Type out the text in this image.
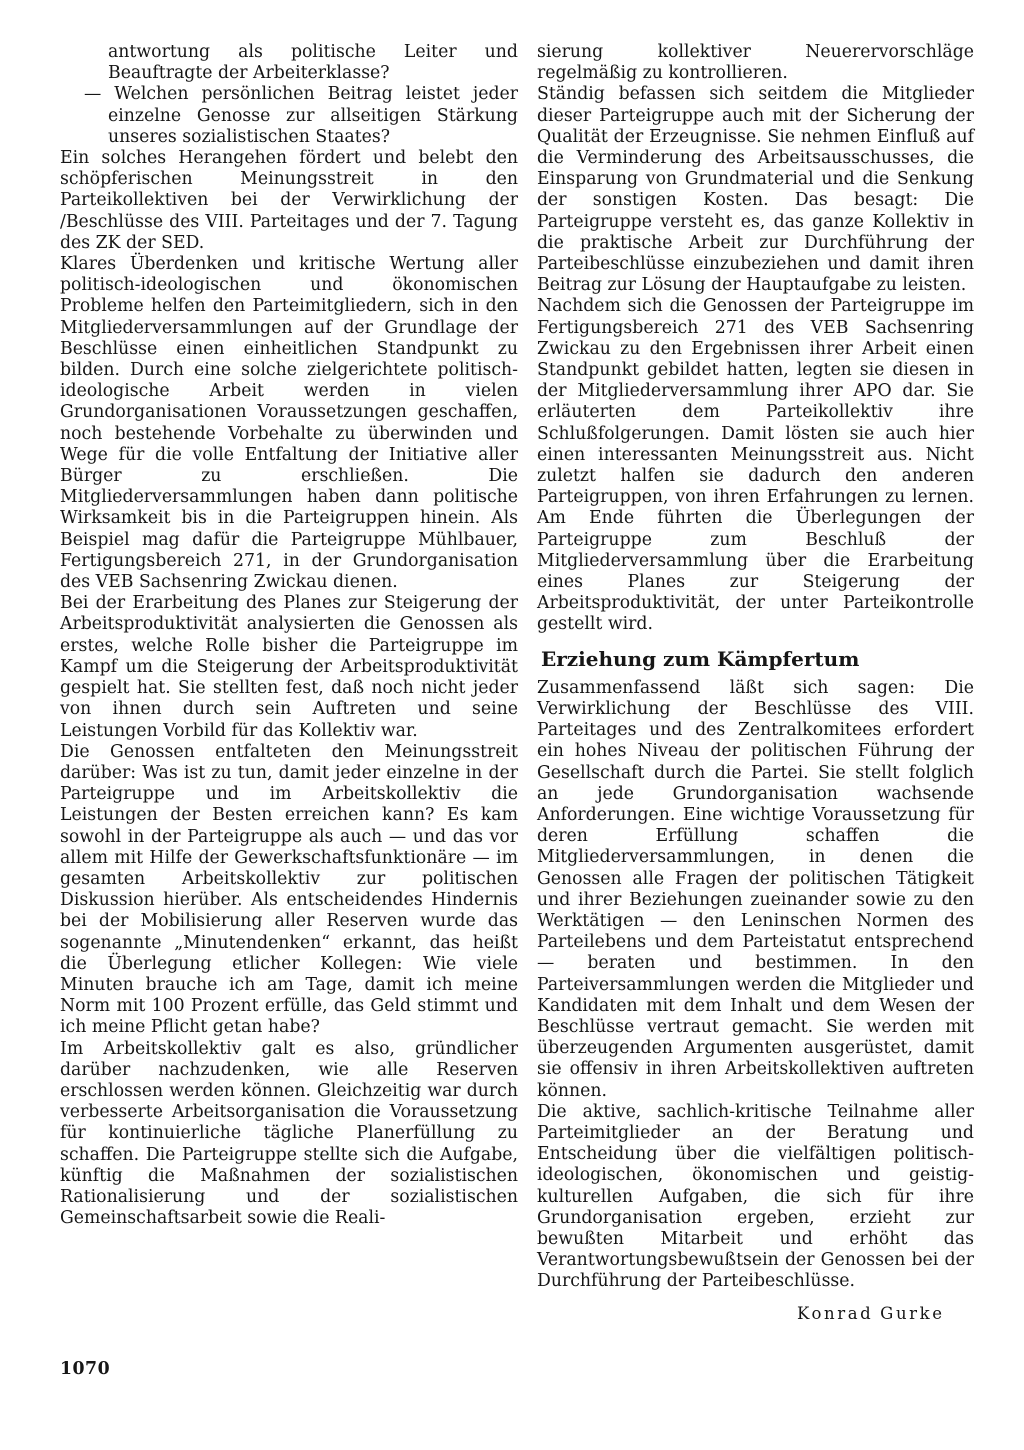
antwortung als politische Leiter und Beauftragte der Arbeiterklasse?

— Welchen persönlichen Beitrag leistet jeder einzelne Genosse zur allseitigen Stärkung unseres sozialistischen Staates?

Ein solches Herangehen fördert und belebt den schöpferischen Meinungsstreit in den Parteikollektiven bei der Verwirklichung der /Beschlüsse des VIII. Parteitages und der 7. Tagung des ZK der SED.

Klares Überdenken und kritische Wertung aller politisch-ideologischen und ökonomischen Probleme helfen den Parteimitgliedern, sich in den Mitgliederversammlungen auf der Grundlage der Beschlüsse einen einheitlichen Standpunkt zu bilden. Durch eine solche zielgerichtete politisch-ideologische Arbeit werden in vielen Grundorganisationen Voraussetzungen geschaffen, noch bestehende Vorbehalte zu überwinden und Wege für die volle Entfaltung der Initiative aller Bürger zu erschließen. Die Mitgliederversammlungen haben dann politische Wirksamkeit bis in die Parteigruppen hinein. Als Beispiel mag dafür die Parteigruppe Mühlbauer, Fertigungsbereich 271, in der Grundorganisation des VEB Sachsenring Zwickau dienen.

Bei der Erarbeitung des Planes zur Steigerung der Arbeitsproduktivität analysierten die Genossen als erstes, welche Rolle bisher die Parteigruppe im Kampf um die Steigerung der Arbeitsproduktivität gespielt hat. Sie stellten fest, daß noch nicht jeder von ihnen durch sein Auftreten und seine Leistungen Vorbild für das Kollektiv war.

Die Genossen entfalteten den Meinungsstreit darüber: Was ist zu tun, damit jeder einzelne in der Parteigruppe und im Arbeitskollektiv die Leistungen der Besten erreichen kann? Es kam sowohl in der Parteigruppe als auch — und das vor allem mit Hilfe der Gewerkschaftsfunktionäre — im gesamten Arbeitskollektiv zur politischen Diskussion hierüber. Als entscheidendes Hindernis bei der Mobilisierung aller Reserven wurde das sogenannte „Minutendenken“ erkannt, das heißt die Überlegung etlicher Kollegen: Wie viele Minuten brauche ich am Tage, damit ich meine Norm mit 100 Prozent erfülle, das Geld stimmt und ich meine Pflicht getan habe?

Im Arbeitskollektiv galt es also, gründlicher darüber nachzudenken, wie alle Reserven erschlossen werden können. Gleichzeitig war durch verbesserte Arbeitsorganisation die Voraussetzung für kontinuierliche tägliche Planerfüllung zu schaffen. Die Parteigruppe stellte sich die Aufgabe, künftig die Maßnahmen der sozialistischen Rationalisierung und der sozialistischen Gemeinschaftsarbeit sowie die Reali-

sierung kollektiver Neuerervorschläge regelmäßig zu kontrollieren.

Ständig befassen sich seitdem die Mitglieder dieser Parteigruppe auch mit der Sicherung der Qualität der Erzeugnisse. Sie nehmen Einfluß auf die Verminderung des Arbeitsausschusses, die Einsparung von Grundmaterial und die Senkung der sonstigen Kosten. Das besagt: Die Parteigruppe versteht es, das ganze Kollektiv in die praktische Arbeit zur Durchführung der Parteibeschlüsse einzubeziehen und damit ihren Beitrag zur Lösung der Hauptaufgabe zu leisten.

Nachdem sich die Genossen der Parteigruppe im Fertigungsbereich 271 des VEB Sachsenring Zwickau zu den Ergebnissen ihrer Arbeit einen Standpunkt gebildet hatten, legten sie diesen in der Mitgliederversammlung ihrer APO dar. Sie erläuterten dem Parteikollektiv ihre Schlußfolgerungen. Damit lösten sie auch hier einen interessanten Meinungsstreit aus. Nicht zuletzt halfen sie dadurch den anderen Parteigruppen, von ihren Erfahrungen zu lernen. Am Ende führten die Überlegungen der Parteigruppe zum Beschluß der Mitgliederversammlung über die Erarbeitung eines Planes zur Steigerung der Arbeitsproduktivität, der unter Parteikontrolle gestellt wird.

Erziehung zum Kämpfertum

Zusammenfassend läßt sich sagen: Die Verwirklichung der Beschlüsse des VIII. Parteitages und des Zentralkomitees erfordert ein hohes Niveau der politischen Führung der Gesellschaft durch die Partei. Sie stellt folglich an jede Grundorganisation wachsende Anforderungen. Eine wichtige Voraussetzung für deren Erfüllung schaffen die Mitgliederversammlungen, in denen die Genossen alle Fragen der politischen Tätigkeit und ihrer Beziehungen zueinander sowie zu den Werktätigen — den Leninschen Normen des Parteilebens und dem Parteistatut entsprechend — beraten und bestimmen. In den Parteiversammlungen werden die Mitglieder und Kandidaten mit dem Inhalt und dem Wesen der Beschlüsse vertraut gemacht. Sie werden mit überzeugenden Argumenten ausgerüstet, damit sie offensiv in ihren Arbeitskollektiven auftreten können.

Die aktive, sachlich-kritische Teilnahme aller Parteimitglieder an der Beratung und Entscheidung über die vielfältigen politisch-ideologischen, ökonomischen und geistig-kulturellen Aufgaben, die sich für ihre Grundorganisation ergeben, erzieht zur bewußten Mitarbeit und erhöht das Verantwortungsbewußtsein der Genossen bei der Durchführung der Parteibeschlüsse.

Konrad Gurke
1070
